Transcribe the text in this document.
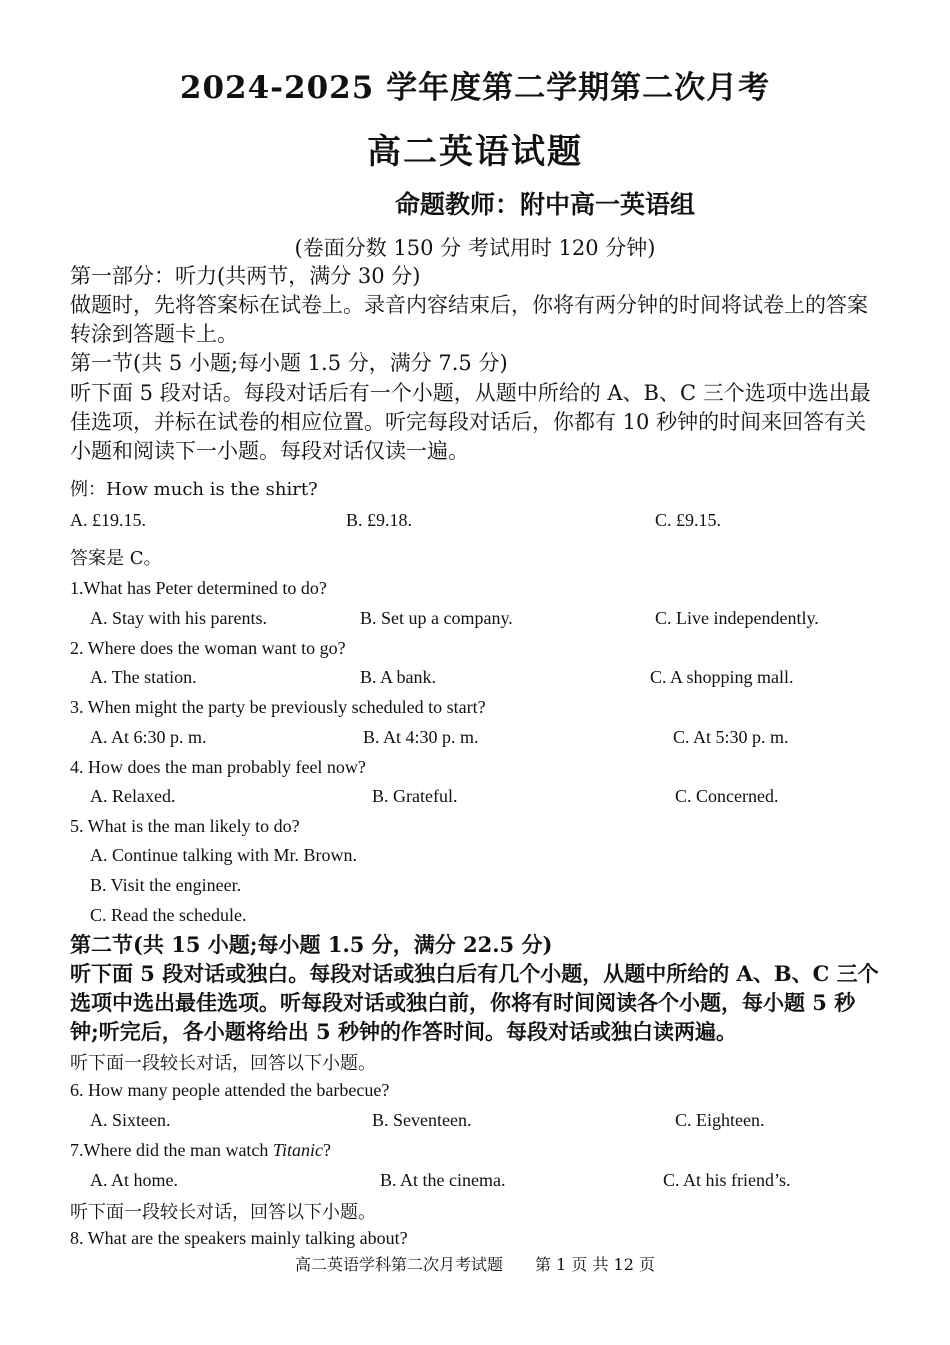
2024-2025 学年度第二学期第二次月考
高二英语试题
命题教师：附中高一英语组
(卷面分数 150 分 考试用时 120 分钟)
第一部分：听力(共两节，满分 30 分)
做题时，先将答案标在试卷上。录音内容结束后，你将有两分钟的时间将试卷上的答案转涂到答题卡上。
第一节(共 5 小题;每小题 1.5 分，满分 7.5 分)
听下面 5 段对话。每段对话后有一个小题，从题中所给的 A、B、C 三个选项中选出最佳选项，并标在试卷的相应位置。听完每段对话后，你都有 10 秒钟的时间来回答有关小题和阅读下一小题。每段对话仅读一遍。
例：How much is the shirt?
A. £19.15.	B. £9.18.	C. £9.15.
答案是 C。
1.What has Peter determined to do?
A. Stay with his parents.	B. Set up a company.	C. Live independently.
2. Where does the woman want to go?
A. The station.	B. A bank.	C. A shopping mall.
3. When might the party be previously scheduled to start?
A. At 6:30 p. m.	B. At 4:30 p. m.	C. At 5:30 p. m.
4. How does the man probably feel now?
A. Relaxed.	B. Grateful.	C. Concerned.
5. What is the man likely to do?
A. Continue talking with Mr. Brown.
B. Visit the engineer.
C. Read the schedule.
第二节(共 15 小题;每小题 1.5 分，满分 22.5 分)
听下面 5 段对话或独白。每段对话或独白后有几个小题，从题中所给的 A、B、C 三个选项中选出最佳选项。听每段对话或独白前，你将有时间阅读各个小题，每小题 5 秒钟;听完后，各小题将给出 5 秒钟的作答时间。每段对话或独白读两遍。
听下面一段较长对话，回答以下小题。
6. How many people attended the barbecue?
A. Sixteen.	B. Seventeen.	C. Eighteen.
7.Where did the man watch Titanic?
A. At home.	B. At the cinema.	C. At his friend’s.
听下面一段较长对话，回答以下小题。
8. What are the speakers mainly talking about?
高二英语学科第二次月考试题　　第 1 页 共 12 页
